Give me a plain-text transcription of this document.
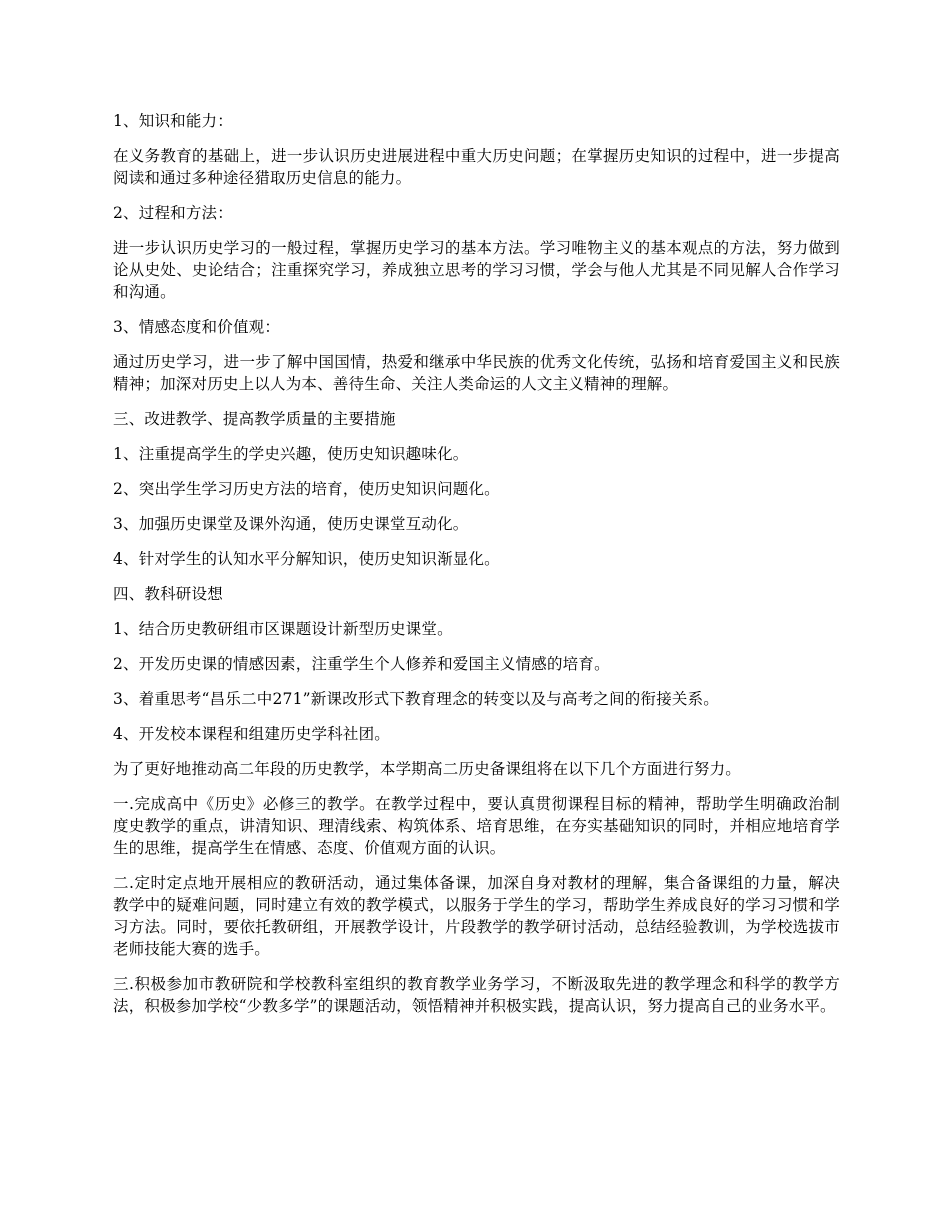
1、知识和能力：

在义务教育的基础上，进一步认识历史进展进程中重大历史问题；在掌握历史知识的过程中，进一步提高阅读和通过多种途径猎取历史信息的能力。

2、过程和方法：

进一步认识历史学习的一般过程，掌握历史学习的基本方法。学习唯物主义的基本观点的方法，努力做到论从史处、史论结合；注重探究学习，养成独立思考的学习习惯，学会与他人尤其是不同见解人合作学习和沟通。

3、情感态度和价值观：

通过历史学习，进一步了解中国国情，热爱和继承中华民族的优秀文化传统，弘扬和培育爱国主义和民族精神；加深对历史上以人为本、善待生命、关注人类命运的人文主义精神的理解。

三、改进教学、提高教学质量的主要措施

1、注重提高学生的学史兴趣，使历史知识趣味化。

2、突出学生学习历史方法的培育，使历史知识问题化。

3、加强历史课堂及课外沟通，使历史课堂互动化。

4、针对学生的认知水平分解知识，使历史知识渐显化。

四、教科研设想

1、结合历史教研组市区课题设计新型历史课堂。

2、开发历史课的情感因素，注重学生个人修养和爱国主义情感的培育。

3、着重思考“昌乐二中271”新课改形式下教育理念的转变以及与高考之间的衔接关系。

4、开发校本课程和组建历史学科社团。

为了更好地推动高二年段的历史教学，本学期高二历史备课组将在以下几个方面进行努力。

一.完成高中《历史》必修三的教学。在教学过程中，要认真贯彻课程目标的精神，帮助学生明确政治制度史教学的重点，讲清知识、理清线索、构筑体系、培育思维，在夯实基础知识的同时，并相应地培育学生的思维，提高学生在情感、态度、价值观方面的认识。

二.定时定点地开展相应的教研活动，通过集体备课，加深自身对教材的理解，集合备课组的力量，解决教学中的疑难问题，同时建立有效的教学模式，以服务于学生的学习，帮助学生养成良好的学习习惯和学习方法。同时，要依托教研组，开展教学设计，片段教学的教学研讨活动，总结经验教训，为学校选拔市老师技能大赛的选手。

三.积极参加市教研院和学校教科室组织的教育教学业务学习，不断汲取先进的教学理念和科学的教学方法，积极参加学校“少教多学”的课题活动，领悟精神并积极实践，提高认识，努力提高自己的业务水平。
